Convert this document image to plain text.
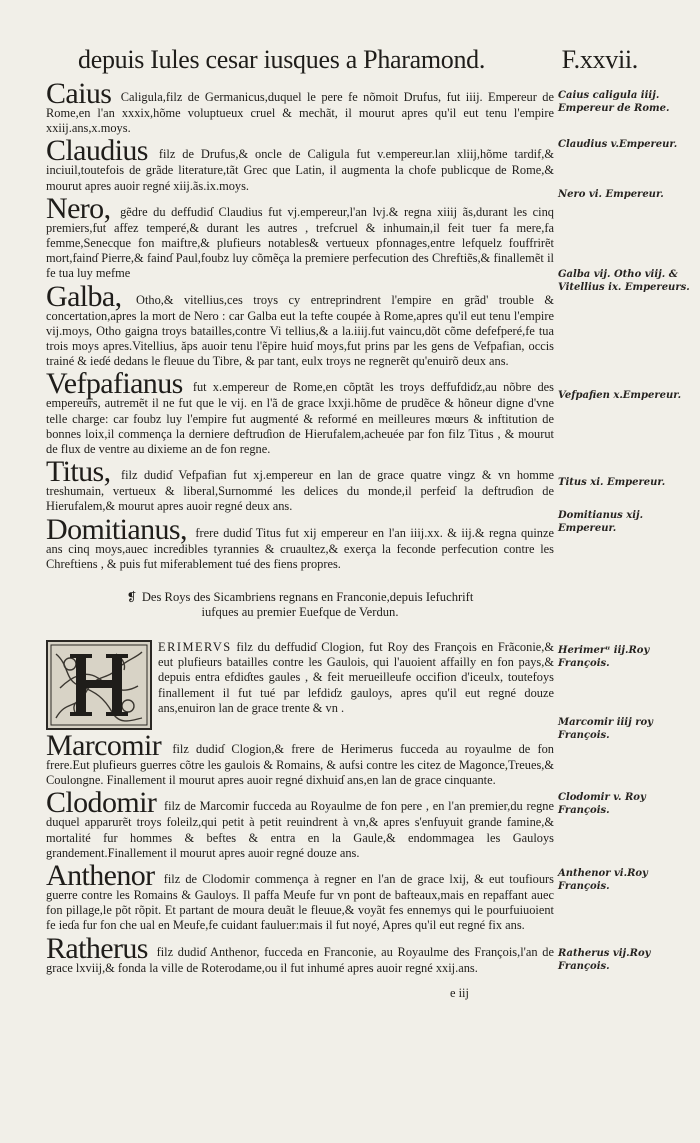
depuis Iules cesar iusques a Pharamond.	F.xxvii.

Caius Caligula,filz de Germanicus,duquel le pere fe nõmoit Drufus, fut iiij. Empereur de Rome,en l'an xxxix,hõme voluptueux cruel & mechãt, il mourut apres qu'il eut tenu l'empire xxiij.ans,x.moys.

Claudius filz de Drufus,& oncle de Caligula fut v.empereur.lan xliij,hõme tardif,& inciuil,toutefois de grãde literature,tãt Grec que Latin, il augmenta la chofe publicque de Rome,& mourut apres auoir regné xiij.ãs.ix.moys.

Nero, gẽdre du deffudiɗ Claudius fut vj.empereur,l'an lvj.& regna xiiij ãs,durant les cinq premiers,fut affez temperé,& durant les autres , trefcruel & inhumain,il feit tuer fa mere,fa femme,Senecque fon maiftre,& plufieurs notables& vertueux pfonnages,entre lefquelz fouffrirẽt mort,fainɗ Pierre,& fainɗ Paul,foubz luy cõmẽça la premiere perfecution des Chreftiẽs,& finallemẽt il fe tua luy mefme

Galba, Otho,& vitellius,ces troys cy entreprindrent l'empire en grãd' trouble & concertation,apres la mort de Nero : car Galba eut la tefte coupée à Rome,apres qu'il eut tenu l'empire vij.moys, Otho gaigna troys batailles,contre Vi tellius,& a la.iiij.fut vaincu,dõt cõme defefperé,fe tua trois moys apres.Vitellius, ăps auoir tenu l'ẽpire huiɗ moys,fut prins par les gens de Vefpafian, occis trainé & ieɗé dedans le fleuue du Tibre, & par tant, eulx troys ne regnerẽt qu'enuirõ deux ans.

Vefpafianus fut x.empereur de Rome,en cõptãt les troys deffufdiɗz,au nõbre des empereurs, autremẽt il ne fut que le vij. en l'ã de grace lxxji.hõme de prudẽce & hõneur digne d'vne telle charge: car foubz luy l'empire fut augmenté & reformé en meilleures mœurs & inftitution de bonnes loix,il commença la derniere deftruɗion de Hierufalem,acheuée par fon filz Titus , & mourut de flux de ventre au dixieme an de fon regne.

Titus, filz dudiɗ Vefpafian fut xj.empereur en lan de grace quatre vingz & vn homme treshumain, vertueux & liberal,Surnommé les delices du monde,il perfeiɗ la deftruɗion de Hierufalem,& mourut apres auoir regné deux ans.

Domitianus, frere dudiɗ Titus fut xij empereur en l'an iiij.xx. & iij.& regna quinze ans cinq moys,auec incredibles tyrannies & cruaultez,& exerça la feconde perfecution contre les Chreftiens , & puis fut miferablement tué des fiens propres.

❡ Des Roys des Sicambriens regnans en Franconie,depuis Iefuchrift
iufques au premier Euefque de Verdun.

ERIMERVS filz du deffudiɗ Clogion, fut Roy des François en Frãconie,& eut plufieurs batailles contre les Gaulois, qui l'auoient affailly en fon pays,& depuis entra efdiɗtes gaules , & feit merueilleufe occifion d'iceulx, toutefoys finallement il fut tué par lefdiɗz gauloys, apres qu'il eut regné douze ans,enuiron lan de grace trente & vn .

Marcomir filz dudiɗ Clogion,& frere de Herimerus fucceda au royaulme de fon frere.Eut plufieurs guerres cõtre les gaulois & Romains, & aufsi contre les citez de Magonce,Treues,& Coulongne. Finallement il mourut apres auoir regné dixhuiɗ ans,en lan de grace cinquante.

Clodomir filz de Marcomir fucceda au Royaulme de fon pere , en l'an premier,du regne duquel apparurẽt troys foleilz,qui petit à petit reuindrent à vn,& apres s'enfuyuit grande famine,& mortalité fur hommes & beftes & entra en la Gaule,& endommagea les Gauloys grandement.Finallement il mourut apres auoir regné douze ans.

Anthenor filz de Clodomir commença à regner en l'an de grace lxij, & eut toufiours guerre contre les Romains & Gauloys. Il paffa Meufe fur vn pont de bafteaux,mais en repaffant auec fon pillage,le põt rõpit. Et partant de moura deuãt le fleuue,& voyãt fes ennemys qui le pourfuiuoient fe ieɗa fur fon che ual en Meufe,fe cuidant fauluer:mais il fut noyé, Apres qu'il eut regné fix ans.

Ratherus filz dudiɗ Anthenor, fucceda en Franconie, au Royaulme des François,l'an de grace lxviij,& fonda la ville de Roterodame,ou il fut inhumé apres auoir regné xxij.ans.

Caius caligula iiij. Empereur de Rome.
Claudius v.Empereur.
Nero vi. Empereur.
Galba vij. Otho viij. & Vitellius ix. Empereurs.
Vefpafien x.Empereur.
Titus xi. Empereur.
Domitianus xij. Empereur.
Herimerᵘ iij.Roy François.
Marcomir iiij roy François.
Clodomir v. Roy François.
Anthenor vi.Roy François.
Ratherus vij.Roy François.
e iij
